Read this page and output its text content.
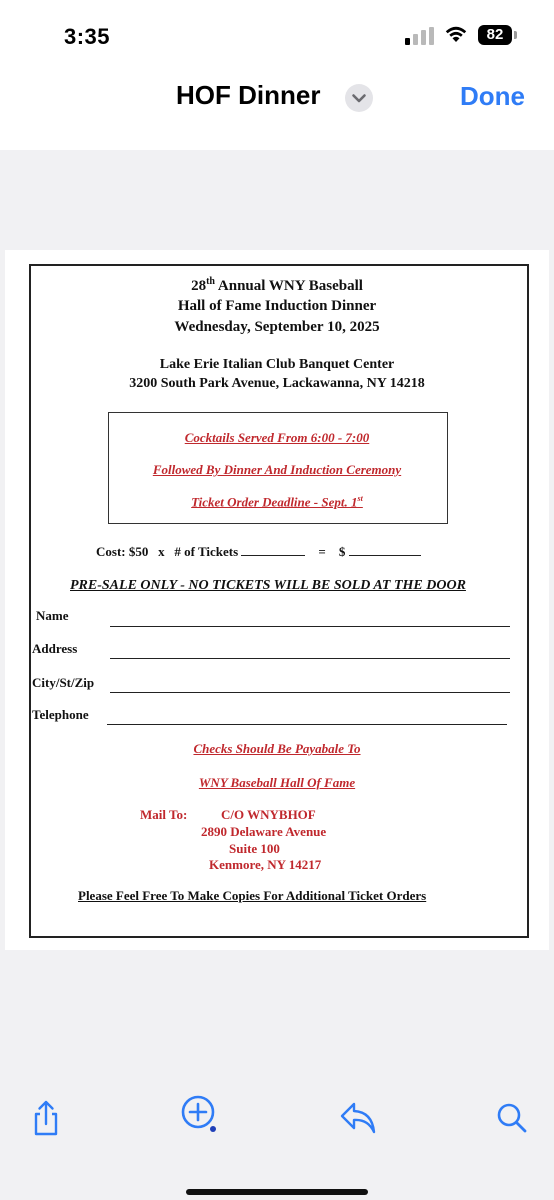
3:35	82
HOF Dinner	Done
28th Annual WNY Baseball
Hall of Fame Induction Dinner
Wednesday, September 10, 2025
Lake Erie Italian Club Banquet Center
3200 South Park Avenue, Lackawanna, NY 14218
Cocktails Served From 6:00 - 7:00
Followed By Dinner And Induction Ceremony
Ticket Order Deadline - Sept. 1st
Cost: $50   x   # of Tickets	=    $
PRE-SALE ONLY - NO TICKETS WILL BE SOLD AT THE DOOR
Name
Address
City/St/Zip
Telephone
Checks Should Be Payabale To
WNY Baseball Hall Of Fame
Mail To:	C/O WNYBHOF
2890 Delaware Avenue
Suite 100
Kenmore, NY 14217
Please Feel Free To Make Copies For Additional Ticket Orders
